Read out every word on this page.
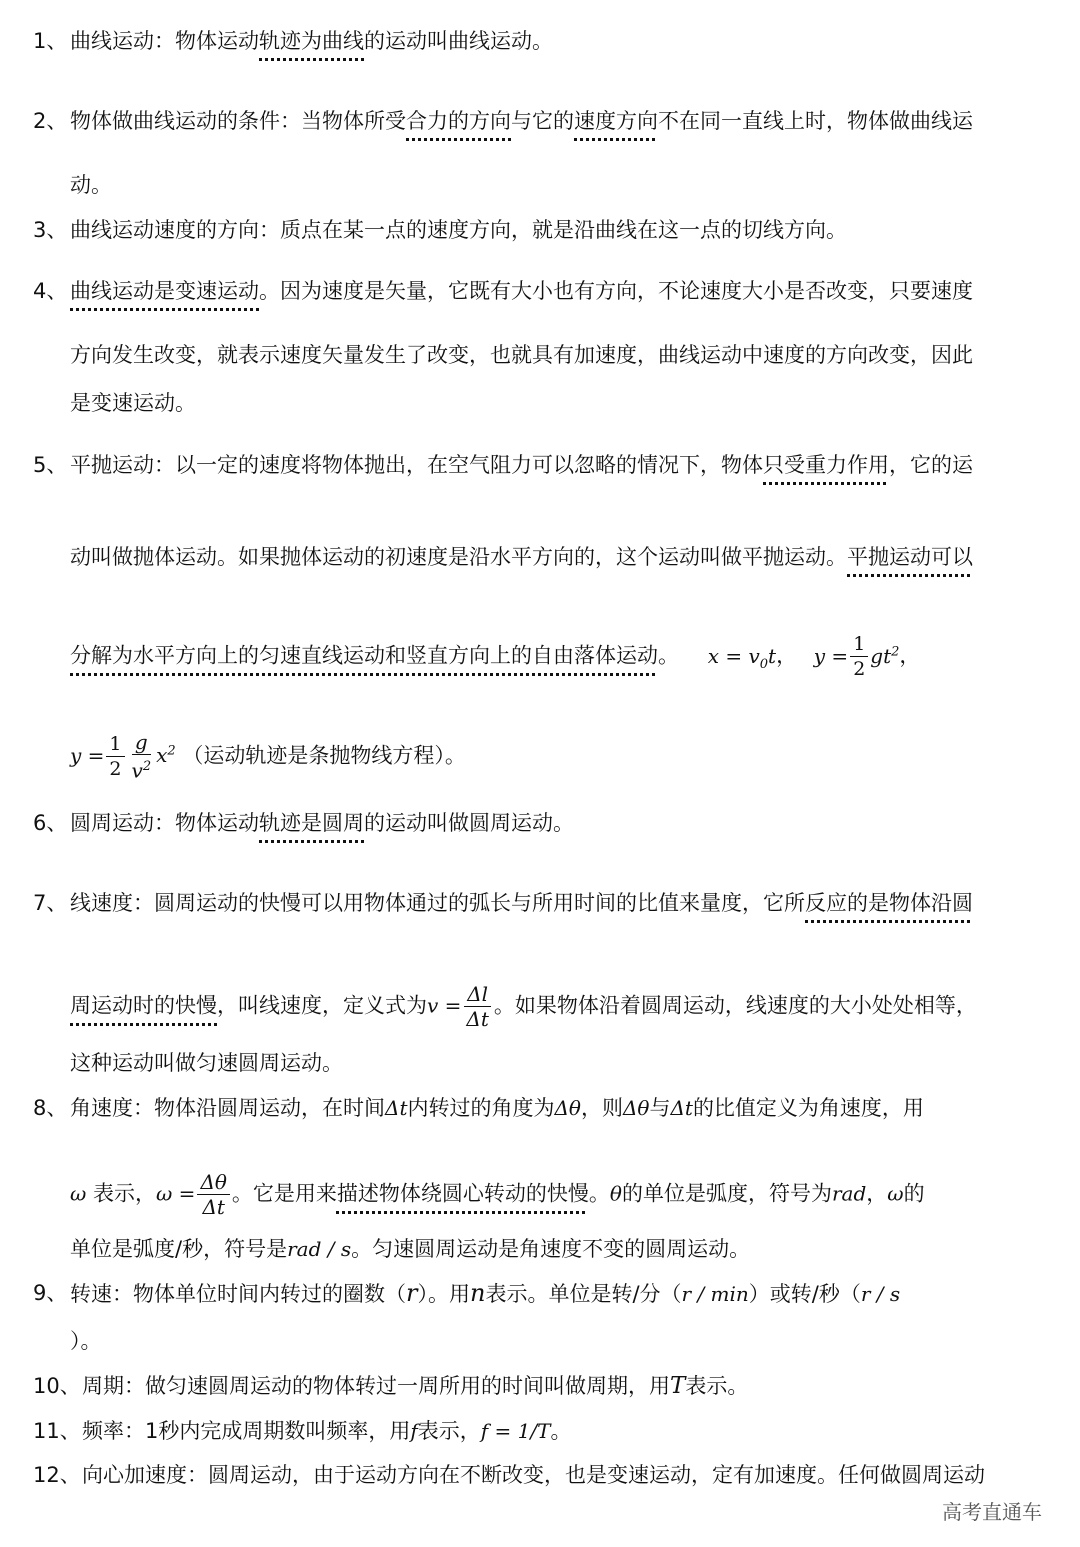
1、 曲线运动：物体运动轨迹为曲线的运动叫曲线运动。
2、 物体做曲线运动的条件：当物体所受合力的方向与它的速度方向不在同一直线上时，物体做曲线运
动。
3、 曲线运动速度的方向：质点在某一点的速度方向，就是沿曲线在这一点的切线方向。
4、 曲线运动是变速运动。因为速度是矢量，它既有大小也有方向，不论速度大小是否改变，只要速度
方向发生改变，就表示速度矢量发生了改变，也就具有加速度，曲线运动中速度的方向改变，因此
是变速运动。
5、 平抛运动：以一定的速度将物体抛出，在空气阻力可以忽略的情况下，物体只受重力作用，它的运
动叫做抛体运动。如果抛体运动的初速度是沿水平方向的，这个运动叫做平抛运动。平抛运动可以
分解为水平方向上的匀速直线运动和竖直方向上的自由落体运动。 $x = v_0t$， $y = \frac{1}{2} gt^2$，
$y = \frac{1}{2} \frac{g}{v^2} x^2$ （运动轨迹是条抛物线方程）。
6、 圆周运动：物体运动轨迹是圆周的运动叫做圆周运动。
7、 线速度：圆周运动的快慢可以用物体通过的弧长与所用时间的比值来量度，它所反应的是物体沿圆
周运动时的快慢，叫线速度，定义式为$v = \frac{\Delta l}{\Delta t}$ 。如果物体沿着圆周运动，线速度的大小处处相等，
这种运动叫做匀速圆周运动。
8、 角速度：物体沿圆周运动，在时间Δt内转过的角度为Δθ，则Δθ与Δt的比值定义为角速度，用
ω 表示，$\omega = \frac{\Delta\theta}{\Delta t}$ 。它是用来描述物体绕圆心转动的快慢。θ的单位是弧度，符号为rad，ω的
单位是弧度/秒，符号是rad / s。匀速圆周运动是角速度不变的圆周运动。
9、 转速：物体单位时间内转过的圈数（r）。用n表示。单位是转/分（r / min）或转/秒（r / s
）。
10、 周期：做匀速圆周运动的物体转过一周所用的时间叫做周期，用T表示。
11、 频率：1秒内完成周期数叫频率，用f表示，f = 1/T。
12、 向心加速度：圆周运动，由于运动方向在不断改变，也是变速运动，定有加速度。任何做圆周运动
高考直通车
